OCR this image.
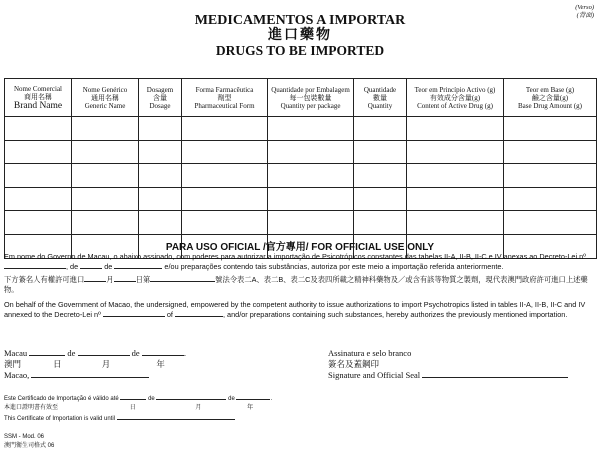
(Verso)
(背面)
MEDICAMENTOS A IMPORTAR
進口藥物
DRUGS TO BE IMPORTED
Nome Comercial
商用名稱
Brand Name	Nome Genérico
通用名稱
Generic Name	Dosagem
含量
Dosage	Forma Farmacêutica
劑型
Pharmaceutical Form	Quantidade por Embalagem
每一包裝數量
Quantity per package	Quantidade
數量
Quantity	Teor em Princípio Activo (g)
有效成分含量(g)
Content of Active Drug (g)	Teor em Base (g)
鹼之含量(g)
Base Drug Amount (g)

PARA USO OFICIAL /官方專用/ FOR OFFICIAL USE ONLY
Em nome do Governo de Macau, o abaixo assinado, com poderes para autorizar a importação de Psicotrópicos constantes das tabelas II-A, II-B, II-C e IV anexas ao Decreto-Lei nº , de	de	e/ou preparações contendo tais substâncias, autoriza por este meio a importação referida anteriormente.
下方簽名人有權許可進口	月	日第	號法令表二A、表二B、表二C及表四所載之精神科藥物及／或含有該等物質之製劑，現代表澳門政府許可進口上述藥物。
On behalf of the Government of Macao, the undersigned, empowered by the competent authority to issue authorizations to import Psychotropics listed in tables II-A, II-B, II-C and IV annexed to the Decreto-Lei nº	of	, and/or preparations containing such substances, hereby authorizes the previously mentioned importation.
Macau	de	de	.
澳門	日	月	年
Macao,
Assinatura e selo branco
簽名及蓋鋼印
Signature and Official Seal
Este Certificado de Importação é válido até	de	de	.
本進口證明書有效至	日	月	年
This Certificate of Importation is valid until
SSM - Mod. 06
澳門衛生司格式 06
